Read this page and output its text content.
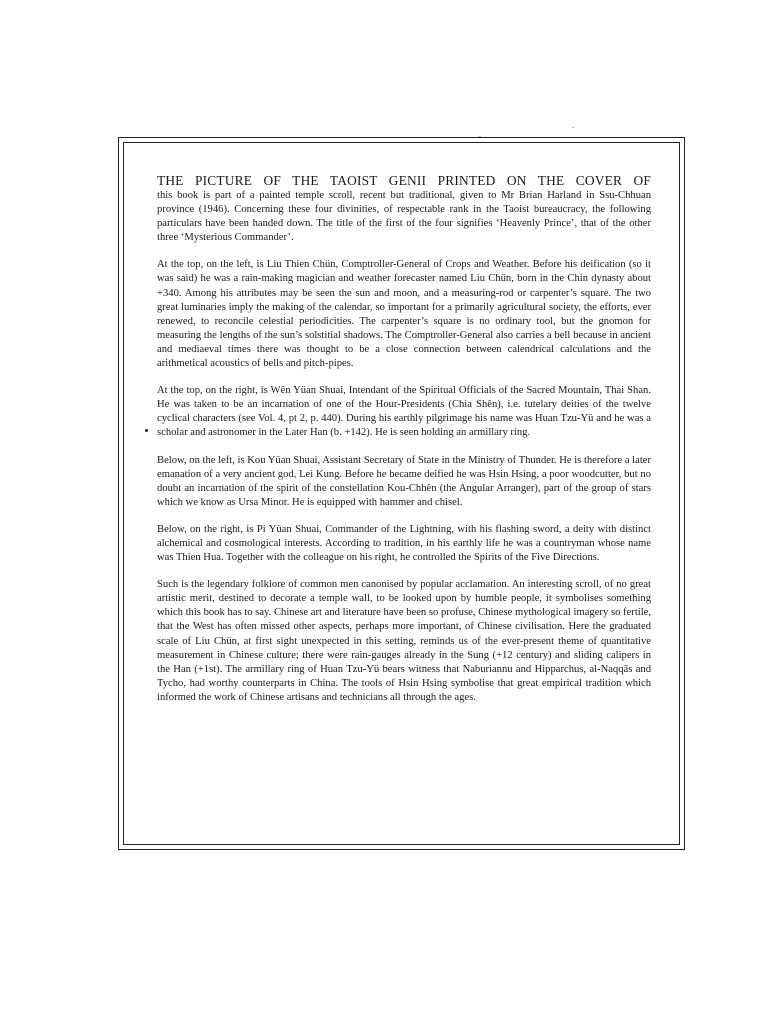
THE PICTURE OF THE TAOIST GENII PRINTED ON THE COVER OF

this book is part of a painted temple scroll, recent but traditional, given to Mr Brian Harland in Ssu-Chhuan province (1946). Concerning these four divinities, of respectable rank in the Taoist bureaucracy, the following particulars have been handed down. The title of the first of the four signifies ‘Heavenly Prince’, that of the other three ‘Mysterious Commander’.

At the top, on the left, is Liu Thien Chün, Comptroller-General of Crops and Weather. Before his deification (so it was said) he was a rain-making magician and weather forecaster named Liu Chün, born in the Chin dynasty about +340. Among his attributes may be seen the sun and moon, and a measuring-rod or carpenter’s square. The two great luminaries imply the making of the calendar, so important for a primarily agricultural society, the efforts, ever renewed, to reconcile celestial periodicities. The carpenter’s square is no ordinary tool, but the gnomon for measuring the lengths of the sun’s solstitial shadows. The Comptroller-General also carries a bell because in ancient and mediaeval times there was thought to be a close connection between calendrical calculations and the arithmetical acoustics of bells and pitch-pipes.

At the top, on the right, is Wên Yüan Shuai, Intendant of the Spiritual Officials of the Sacred Mountain, Thai Shan. He was taken to be an incarnation of one of the Hour-Presidents (Chia Shên), i.e. tutelary deities of the twelve cyclical characters (see Vol. 4, pt 2, p. 440). During his earthly pilgrimage his name was Huan Tzu-Yü and he was a scholar and astronomer in the Later Han (b. +142). He is seen holding an armillary ring.

Below, on the left, is Kou Yüan Shuai, Assistant Secretary of State in the Ministry of Thunder. He is therefore a later emanation of a very ancient god, Lei Kung. Before he became deified he was Hsin Hsing, a poor woodcutter, but no doubt an incarnation of the spirit of the constellation Kou-Chhên (the Angular Arranger), part of the group of stars which we know as Ursa Minor. He is equipped with hammer and chisel.

Below, on the right, is Pi Yüan Shuai, Commander of the Lightning, with his flashing sword, a deity with distinct alchemical and cosmological interests. According to tradition, in his earthly life he was a countryman whose name was Thien Hua. Together with the colleague on his right, he controlled the Spirits of the Five Directions.

Such is the legendary folklore of common men canonised by popular acclamation. An interesting scroll, of no great artistic merit, destined to decorate a temple wall, to be looked upon by humble people, it symbolises something which this book has to say. Chinese art and literature have been so profuse, Chinese mythological imagery so fertile, that the West has often missed other aspects, perhaps more important, of Chinese civilisation. Here the graduated scale of Liu Chün, at first sight unexpected in this setting, reminds us of the ever-present theme of quantitative measurement in Chinese culture; there were rain-gauges already in the Sung (+12 century) and sliding calipers in the Han (+1st). The armillary ring of Huan Tzu-Yü bears witness that Naburiannu and Hipparchus, al-Naqqās and Tycho, had worthy counterparts in China. The tools of Hsin Hsing symbolise that great empirical tradition which informed the work of Chinese artisans and technicians all through the ages.
